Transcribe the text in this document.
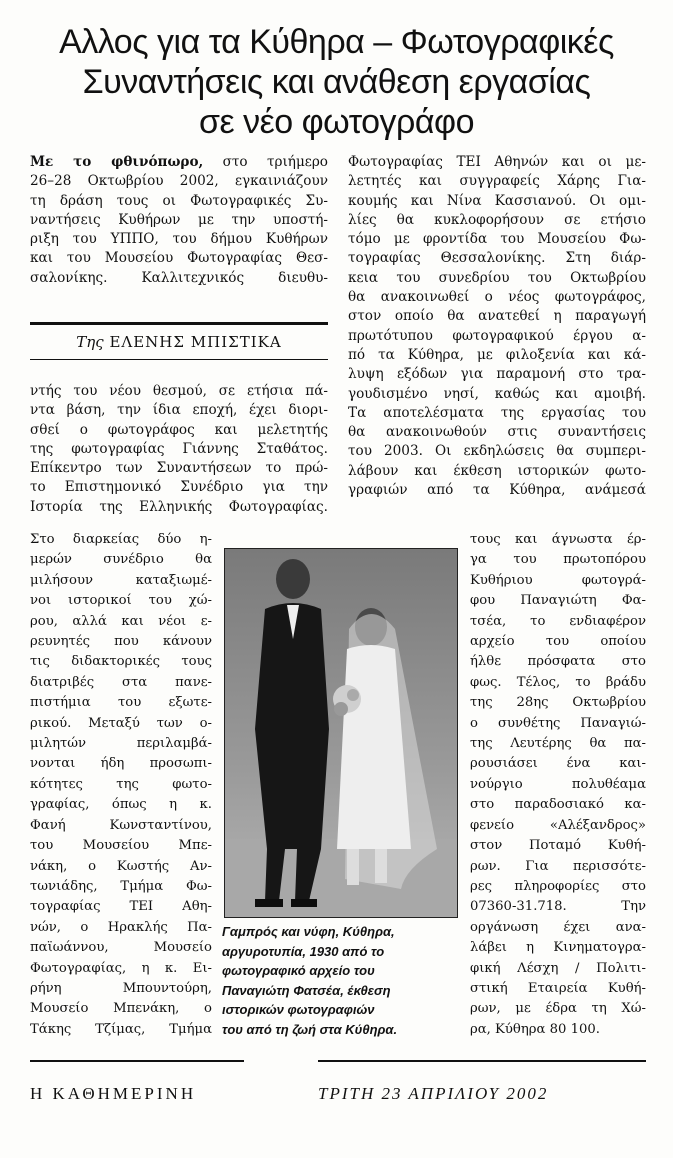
Αλλος για τα Κύθηρα – Φωτογραφικές
Συναντήσεις και ανάθεση εργασίας
σε νέο φωτογράφο
Με το φθινόπωρο, στο τριήμερο
26–28 Οκτωβρίου 2002, εγκαινιάζουν
τη δράση τους οι Φωτογραφικές Συ-
ναντήσεις Κυθήρων με την υποστή-
ριξη του ΥΠΠΟ, του δήμου Κυθήρων
και του Μουσείου Φωτογραφίας Θεσ-
σαλονίκης. Καλλιτεχνικός διευθυ-
Της ΕΛΕΝΗΣ ΜΠΙΣΤΙΚΑ
ντής του νέου θεσμού, σε ετήσια πά-
ντα βάση, την ίδια εποχή, έχει διορι-
σθεί ο φωτογράφος και μελετητής
της φωτογραφίας Γιάννης Σταθάτος.
Επίκεντρο των Συναντήσεων το πρώ-
το Επιστημονικό Συνέδριο για την
Ιστορία της Ελληνικής Φωτογραφίας.
Στο διαρκείας δύο η-
μερών συνέδριο θα
μιλήσουν καταξιωμέ-
νοι ιστορικοί του χώ-
ρου, αλλά και νέοι ε-
ρευνητές που κάνουν
τις διδακτορικές τους
διατριβές στα πανε-
πιστήμια του εξωτε-
ρικού. Μεταξύ των ο-
μιλητών περιλαμβά-
νονται ήδη προσωπι-
κότητες της φωτο-
γραφίας, όπως η κ.
Φανή Κωνσταντίνου,
του Μουσείου Μπε-
νάκη, ο Κωστής Αν-
τωνιάδης, Τμήμα Φω-
τογραφίας ΤΕΙ Αθη-
νών, ο Ηρακλής Πα-
παϊωάννου, Μουσείο
Φωτογραφίας, η κ. Ει-
ρήνη Μπουντούρη,
Μουσείο Μπενάκη, ο
Τάκης Τζίμας, Τμήμα
Φωτογραφίας ΤΕΙ Αθηνών και οι με-
λετητές και συγγραφείς Χάρης Για-
κουμής και Νίνα Κασσιανού. Οι ομι-
λίες θα κυκλοφορήσουν σε ετήσιο
τόμο με φροντίδα του Μουσείου Φω-
τογραφίας Θεσσαλονίκης. Στη διάρ-
κεια του συνεδρίου του Οκτωβρίου
θα ανακοινωθεί ο νέος φωτογράφος,
στον οποίο θα ανατεθεί η παραγωγή
πρωτότυπου φωτογραφικού έργου α-
πό τα Κύθηρα, με φιλοξενία και κά-
λυψη εξόδων για παραμονή στο τρα-
γουδισμένο νησί, καθώς και αμοιβή.
Τα αποτελέσματα της εργασίας του
θα ανακοινωθούν στις συναντήσεις
του 2003. Οι εκδηλώσεις θα συμπερι-
λάβουν και έκθεση ιστορικών φωτο-
γραφιών από τα Κύθηρα, ανάμεσά
τους και άγνωστα έρ-
γα του πρωτοπόρου
Κυθήριου φωτογρά-
φου Παναγιώτη Φα-
τσέα, το ενδιαφέρον
αρχείο του οποίου
ήλθε πρόσφατα στο
φως. Τέλος, το βράδυ
της 28ης Οκτωβρίου
ο συνθέτης Παναγιώ-
της Λευτέρης θα πα-
ρουσιάσει ένα και-
νούργιο πολυθέαμα
στο παραδοσιακό κα-
φενείο «Αλέξανδρος»
στον Ποταμό Κυθή-
ρων. Για περισσότε-
ρες πληροφορίες στο
07360-31.718. Την
οργάνωση έχει ανα-
λάβει η Κινηματογρα-
φική Λέσχη / Πολιτι-
στική Εταιρεία Κυθή-
ρων, με έδρα τη Χώ-
ρα, Κύθηρα 80 100.
Γαμπρός και νύφη, Κύθηρα,
αργυροτυπία, 1930 από το
φωτογραφικό αρχείο του
Παναγιώτη Φατσέα, έκθεση
ιστορικών φωτογραφιών
του από τη ζωή στα Κύθηρα.
Η ΚΑΘΗΜΕΡΙΝΗ	ΤΡΙΤΗ 23 ΑΠΡΙΛΙΟΥ 2002
